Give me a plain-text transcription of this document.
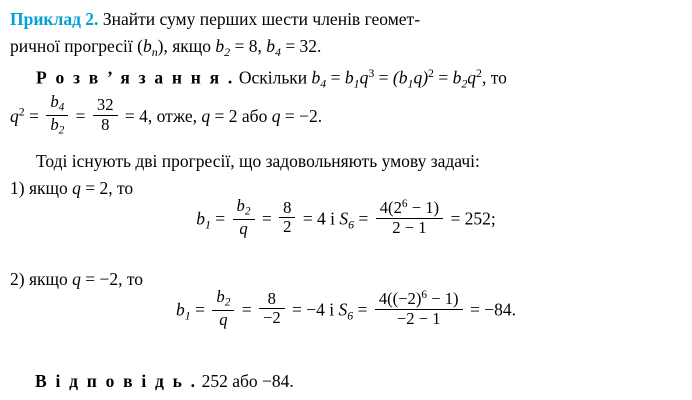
Приклад 2. Знайти суму перших шести членів геомет-
ричної прогресії $(b_n)$, якщо $b_2 = 8$, $b_4 = 32$.
Р о з в ’ я з а н н я . Оскільки $b_4 = b_1q^3 = (b_1q)^2 = b_2q^2$, то
$q^2 = \frac{b_4}{b_2} = \frac{32}{8} = 4$, отже, q = 2 або q = −2.
Тоді існують дві прогресії, що задовольняють умову задачі:
1) якщо q = 2, то
$b_1 = \frac{b_2}{q} = \frac{8}{2} = 4$ і $S_6 = \frac{4(2^6 - 1)}{2 - 1} = 252$;
2) якщо q = −2, то
$b_1 = \frac{b_2}{q} = \frac{8}{-2} = -4$ і $S_6 = \frac{4((-2)^6 - 1)}{-2 - 1} = -84$.
В і д п о в і д ь . 252 або −84.
